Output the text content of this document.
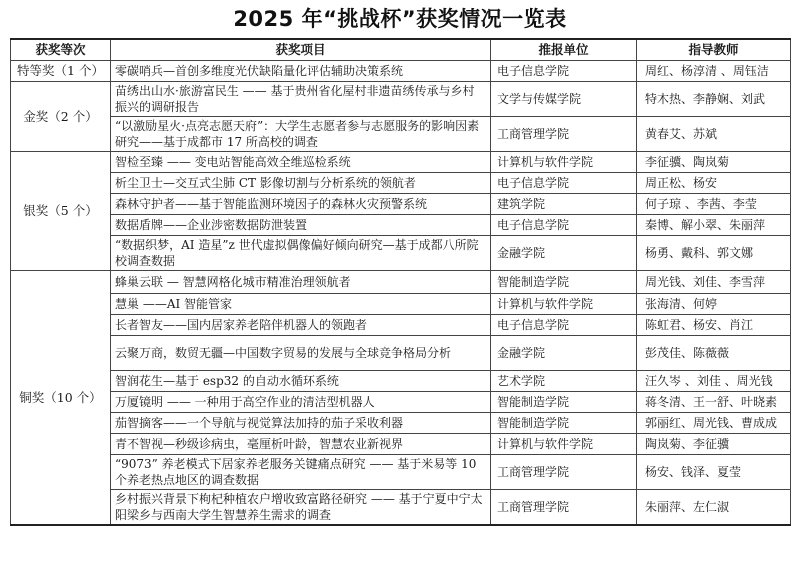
2025 年“挑战杯”获奖情况一览表
获奖等次	获奖项目	推报单位	指导教师
特等奖（1 个）	零碳哨兵—首创多维度光伏缺陷量化评估辅助决策系统	电子信息学院	周红、杨淳清 、周钰洁
金奖（2 个）	苗绣出山水·旅游富民生 —— 基于贵州省化屋村非遗苗绣传承与乡村振兴的调研报告	文学与传媒学院	特木热、李静娴、刘武
	“以激励星火·点亮志愿天府”：大学生志愿者参与志愿服务的影响因素研究——基于成都市 17 所高校的调查	工商管理学院	黄春艾、苏斌
银奖（5 个）	智检至臻 —— 变电站智能高效全维巡检系统	计算机与软件学院	李征骥、陶岚菊
	析尘卫士—交互式尘肺 CT 影像切割与分析系统的领航者	电子信息学院	周正松、杨安
	森林守护者——基于智能监测环境因子的森林火灾预警系统	建筑学院	何子琼 、李茜、李莹
	数据盾牌——企业涉密数据防泄装置	电子信息学院	秦博、解小翠、朱丽萍
	“数据织梦，AI 造星”z 世代虚拟偶像偏好倾向研究—基于成都八所院校调查数据	金融学院	杨勇、戴科、郭文娜
铜奖（10 个）	蜂巢云联 — 智慧网格化城市精准治理领航者	智能制造学院	周光钱、刘佳、李雪萍
	慧巢 ——AI 智能管家	计算机与软件学院	张海清、何婷
	长者智友——国内居家养老陪伴机器人的领跑者	电子信息学院	陈虹君、杨安、肖江
	云聚万商，数贸无疆—中国数字贸易的发展与全球竞争格局分析	金融学院	彭茂佳、陈薇薇
	智润花生—基于 esp32 的自动水循环系统	艺术学院	汪久岑 、刘佳 、周光钱
	万厦镜明 —— 一种用于高空作业的清洁型机器人	智能制造学院	蒋冬清、王一舒、叶晓素
	茄智摘客——一个导航与视觉算法加持的茄子采收利器	智能制造学院	郭丽红、周光钱、曹成成
	青不智视—秒级诊病虫，毫厘析叶龄，智慧农业新视界	计算机与软件学院	陶岚菊、李征骥
	“9073” 养老模式下居家养老服务关键痛点研究 —— 基于米易等 10 个养老热点地区的调查数据	工商管理学院	杨安、钱泽、夏莹
	乡村振兴背景下枸杞种植农户增收致富路径研究 —— 基于宁夏中宁太阳梁乡与西南大学生智慧养生需求的调查	工商管理学院	朱丽萍、左仁淑
